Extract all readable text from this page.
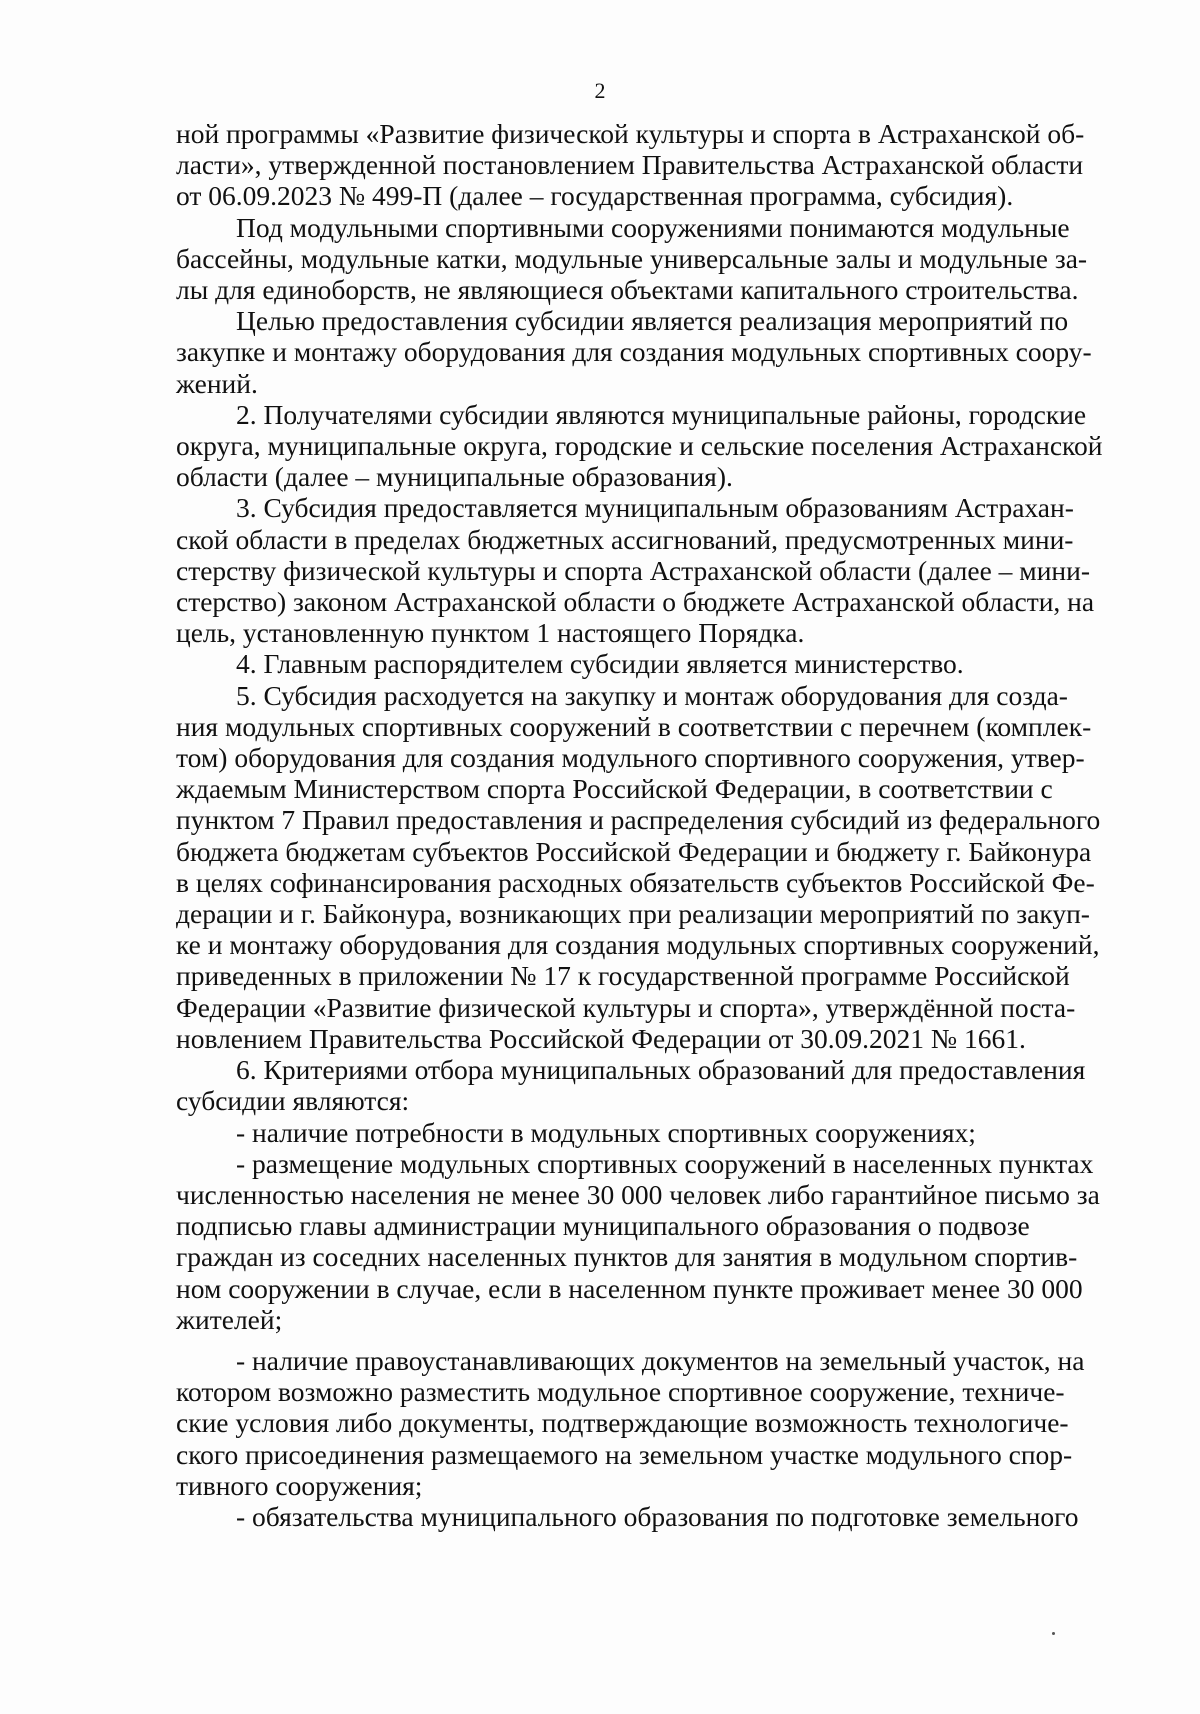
2

ной программы «Развитие физической культуры и спорта в Астраханской об-
ласти», утвержденной постановлением Правительства Астраханской области
от 06.09.2023 № 499-П (далее – государственная программа, субсидия).

Под модульными спортивными сооружениями понимаются модульные
бассейны, модульные катки, модульные универсальные залы и модульные за-
лы для единоборств, не являющиеся объектами капитального строительства.

Целью предоставления субсидии является реализация мероприятий по
закупке и монтажу оборудования для создания модульных спортивных соору-
жений.

2. Получателями субсидии являются муниципальные районы, городские
округа, муниципальные округа, городские и сельские поселения Астраханской
области (далее – муниципальные образования).

3. Субсидия предоставляется муниципальным образованиям Астрахан-
ской области в пределах бюджетных ассигнований, предусмотренных мини-
стерству физической культуры и спорта Астраханской области (далее – мини-
стерство) законом Астраханской области о бюджете Астраханской области, на
цель, установленную пунктом 1 настоящего Порядка.

4. Главным распорядителем субсидии является министерство.

5. Субсидия расходуется на закупку и монтаж оборудования для созда-
ния модульных спортивных сооружений в соответствии с перечнем (комплек-
том) оборудования для создания модульного спортивного сооружения, утвер-
ждаемым Министерством спорта Российской Федерации, в соответствии с
пунктом 7 Правил предоставления и распределения субсидий из федерального
бюджета бюджетам субъектов Российской Федерации и бюджету г. Байконура
в целях софинансирования расходных обязательств субъектов Российской Фе-
дерации и г. Байконура, возникающих при реализации мероприятий по закуп-
ке и монтажу оборудования для создания модульных спортивных сооружений,
приведенных в приложении № 17 к государственной программе Российской
Федерации «Развитие физической культуры и спорта», утверждённой поста-
новлением Правительства Российской Федерации от 30.09.2021 № 1661.

6. Критериями отбора муниципальных образований для предоставления
субсидии являются:

- наличие потребности в модульных спортивных сооружениях;

- размещение модульных спортивных сооружений в населенных пунктах
численностью населения не менее 30 000 человек либо гарантийное письмо за
подписью главы администрации муниципального образования о подвозе
граждан из соседних населенных пунктов для занятия в модульном спортив-
ном сооружении в случае, если в населенном пункте проживает менее 30 000
жителей;

- наличие правоустанавливающих документов на земельный участок, на
котором возможно разместить модульное спортивное сооружение, техниче-
ские условия либо документы, подтверждающие возможность технологиче-
ского присоединения размещаемого на земельном участке модульного спор-
тивного сооружения;

- обязательства муниципального образования по подготовке земельного
